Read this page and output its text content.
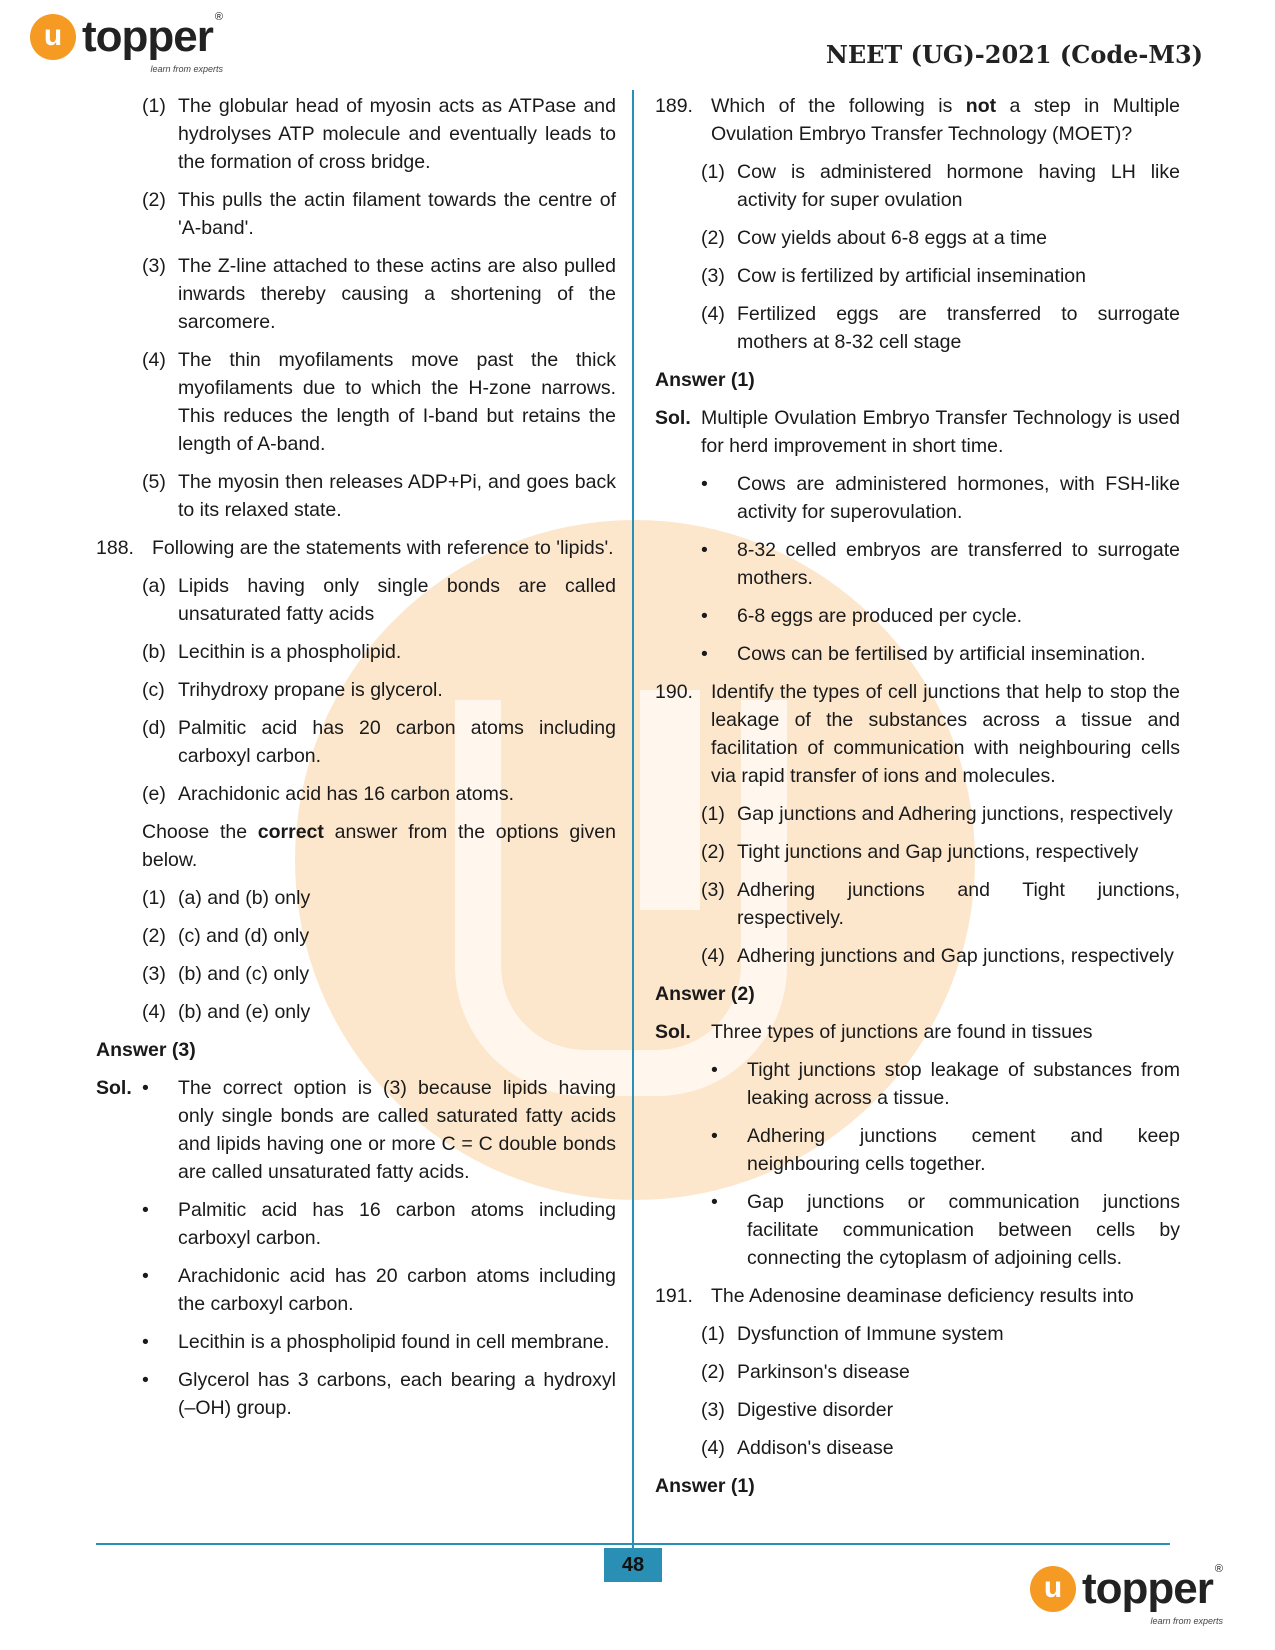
u topper ®
learn from experts	NEET (UG)-2021 (Code-M3)
(1) The globular head of myosin acts as ATPase and hydrolyses ATP molecule and eventually leads to the formation of cross bridge.
(2) This pulls the actin filament towards the centre of 'A-band'.
(3) The Z-line attached to these actins are also pulled inwards thereby causing a shortening of the sarcomere.
(4) The thin myofilaments move past the thick myofilaments due to which the H-zone narrows. This reduces the length of I-band but retains the length of A-band.
(5) The myosin then releases ADP+Pi, and goes back to its relaxed state.
188. Following are the statements with reference to 'lipids'.
(a) Lipids having only single bonds are called unsaturated fatty acids
(b) Lecithin is a phospholipid.
(c) Trihydroxy propane is glycerol.
(d) Palmitic acid has 20 carbon atoms including carboxyl carbon.
(e) Arachidonic acid has 16 carbon atoms.

Choose the correct answer from the options given below.

(1) (a) and (b) only
(2) (c) and (d) only
(3) (b) and (c) only
(4) (b) and (e) only

Answer (3)

Sol. •	The correct option is (3) because lipids having only single bonds are called saturated fatty acids and lipids having one or more C = C double bonds are called unsaturated fatty acids.
•	Palmitic acid has 16 carbon atoms including carboxyl carbon.
•	Arachidonic acid has 20 carbon atoms including the carboxyl carbon.
•	Lecithin is a phospholipid found in cell membrane.
•	Glycerol has 3 carbons, each bearing a hydroxyl (–OH) group.
189. Which of the following is not a step in Multiple Ovulation Embryo Transfer Technology (MOET)?
(1) Cow is administered hormone having LH like activity for super ovulation
(2) Cow yields about 6-8 eggs at a time
(3) Cow is fertilized by artificial insemination
(4) Fertilized eggs are transferred to surrogate mothers at 8-32 cell stage

Answer (1)

Sol. Multiple Ovulation Embryo Transfer Technology is used for herd improvement in short time.
•	Cows are administered hormones, with FSH-like activity for superovulation.
•	8-32 celled embryos are transferred to surrogate mothers.
•	6-8 eggs are produced per cycle.
•	Cows can be fertilised by artificial insemination.
190. Identify the types of cell junctions that help to stop the leakage of the substances across a tissue and facilitation of communication with neighbouring cells via rapid transfer of ions and molecules.
(1) Gap junctions and Adhering junctions, respectively
(2) Tight junctions and Gap junctions, respectively
(3) Adhering junctions and Tight junctions, respectively.
(4) Adhering junctions and Gap junctions, respectively

Answer (2)

Sol.	Three types of junctions are found in tissues
•	Tight junctions stop leakage of substances from leaking across a tissue.
•	Adhering junctions cement and keep neighbouring cells together.
•	Gap junctions or communication junctions facilitate communication between cells by connecting the cytoplasm of adjoining cells.
191. The Adenosine deaminase deficiency results into
(1) Dysfunction of Immune system
(2) Parkinson's disease
(3) Digestive disorder
(4) Addison's disease

Answer (1)

48
u topper ®
learn from experts
